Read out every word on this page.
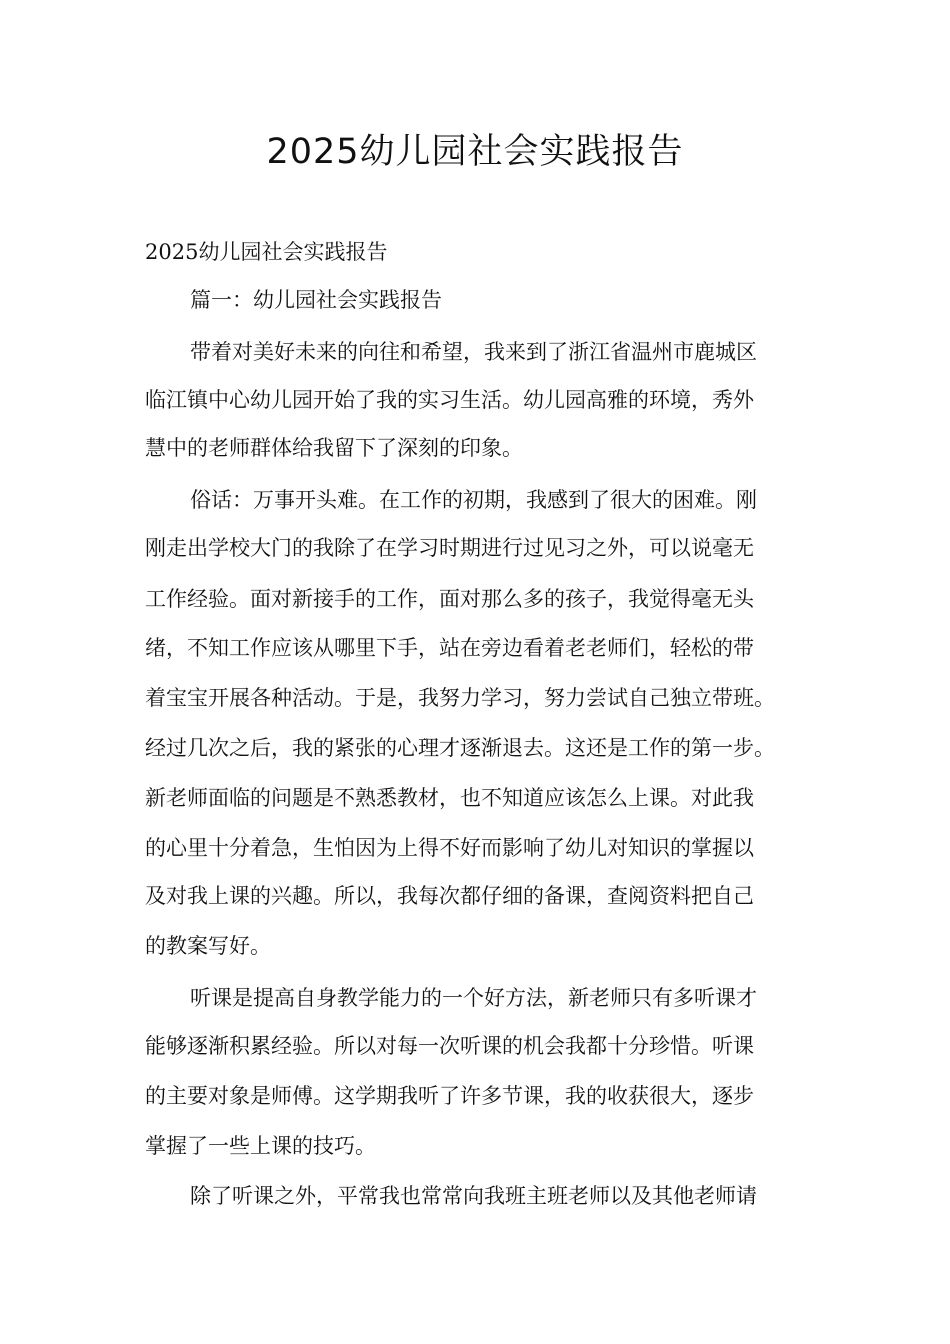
2025幼儿园社会实践报告

2025幼儿园社会实践报告

篇一：幼儿园社会实践报告

带着对美好未来的向往和希望，我来到了浙江省温州市鹿城区

临江镇中心幼儿园开始了我的实习生活。幼儿园高雅的环境，秀外

慧中的老师群体给我留下了深刻的印象。

俗话：万事开头难。在工作的初期，我感到了很大的困难。刚

刚走出学校大门的我除了在学习时期进行过见习之外，可以说毫无

工作经验。面对新接手的工作，面对那么多的孩子，我觉得毫无头

绪，不知工作应该从哪里下手，站在旁边看着老老师们，轻松的带

着宝宝开展各种活动。于是，我努力学习，努力尝试自己独立带班。

经过几次之后，我的紧张的心理才逐渐退去。这还是工作的第一步。

新老师面临的问题是不熟悉教材，也不知道应该怎么上课。对此我

的心里十分着急，生怕因为上得不好而影响了幼儿对知识的掌握以

及对我上课的兴趣。所以，我每次都仔细的备课，查阅资料把自己

的教案写好。

听课是提高自身教学能力的一个好方法，新老师只有多听课才

能够逐渐积累经验。所以对每一次听课的机会我都十分珍惜。听课

的主要对象是师傅。这学期我听了许多节课，我的收获很大，逐步

掌握了一些上课的技巧。

除了听课之外，平常我也常常向我班主班老师以及其他老师请
